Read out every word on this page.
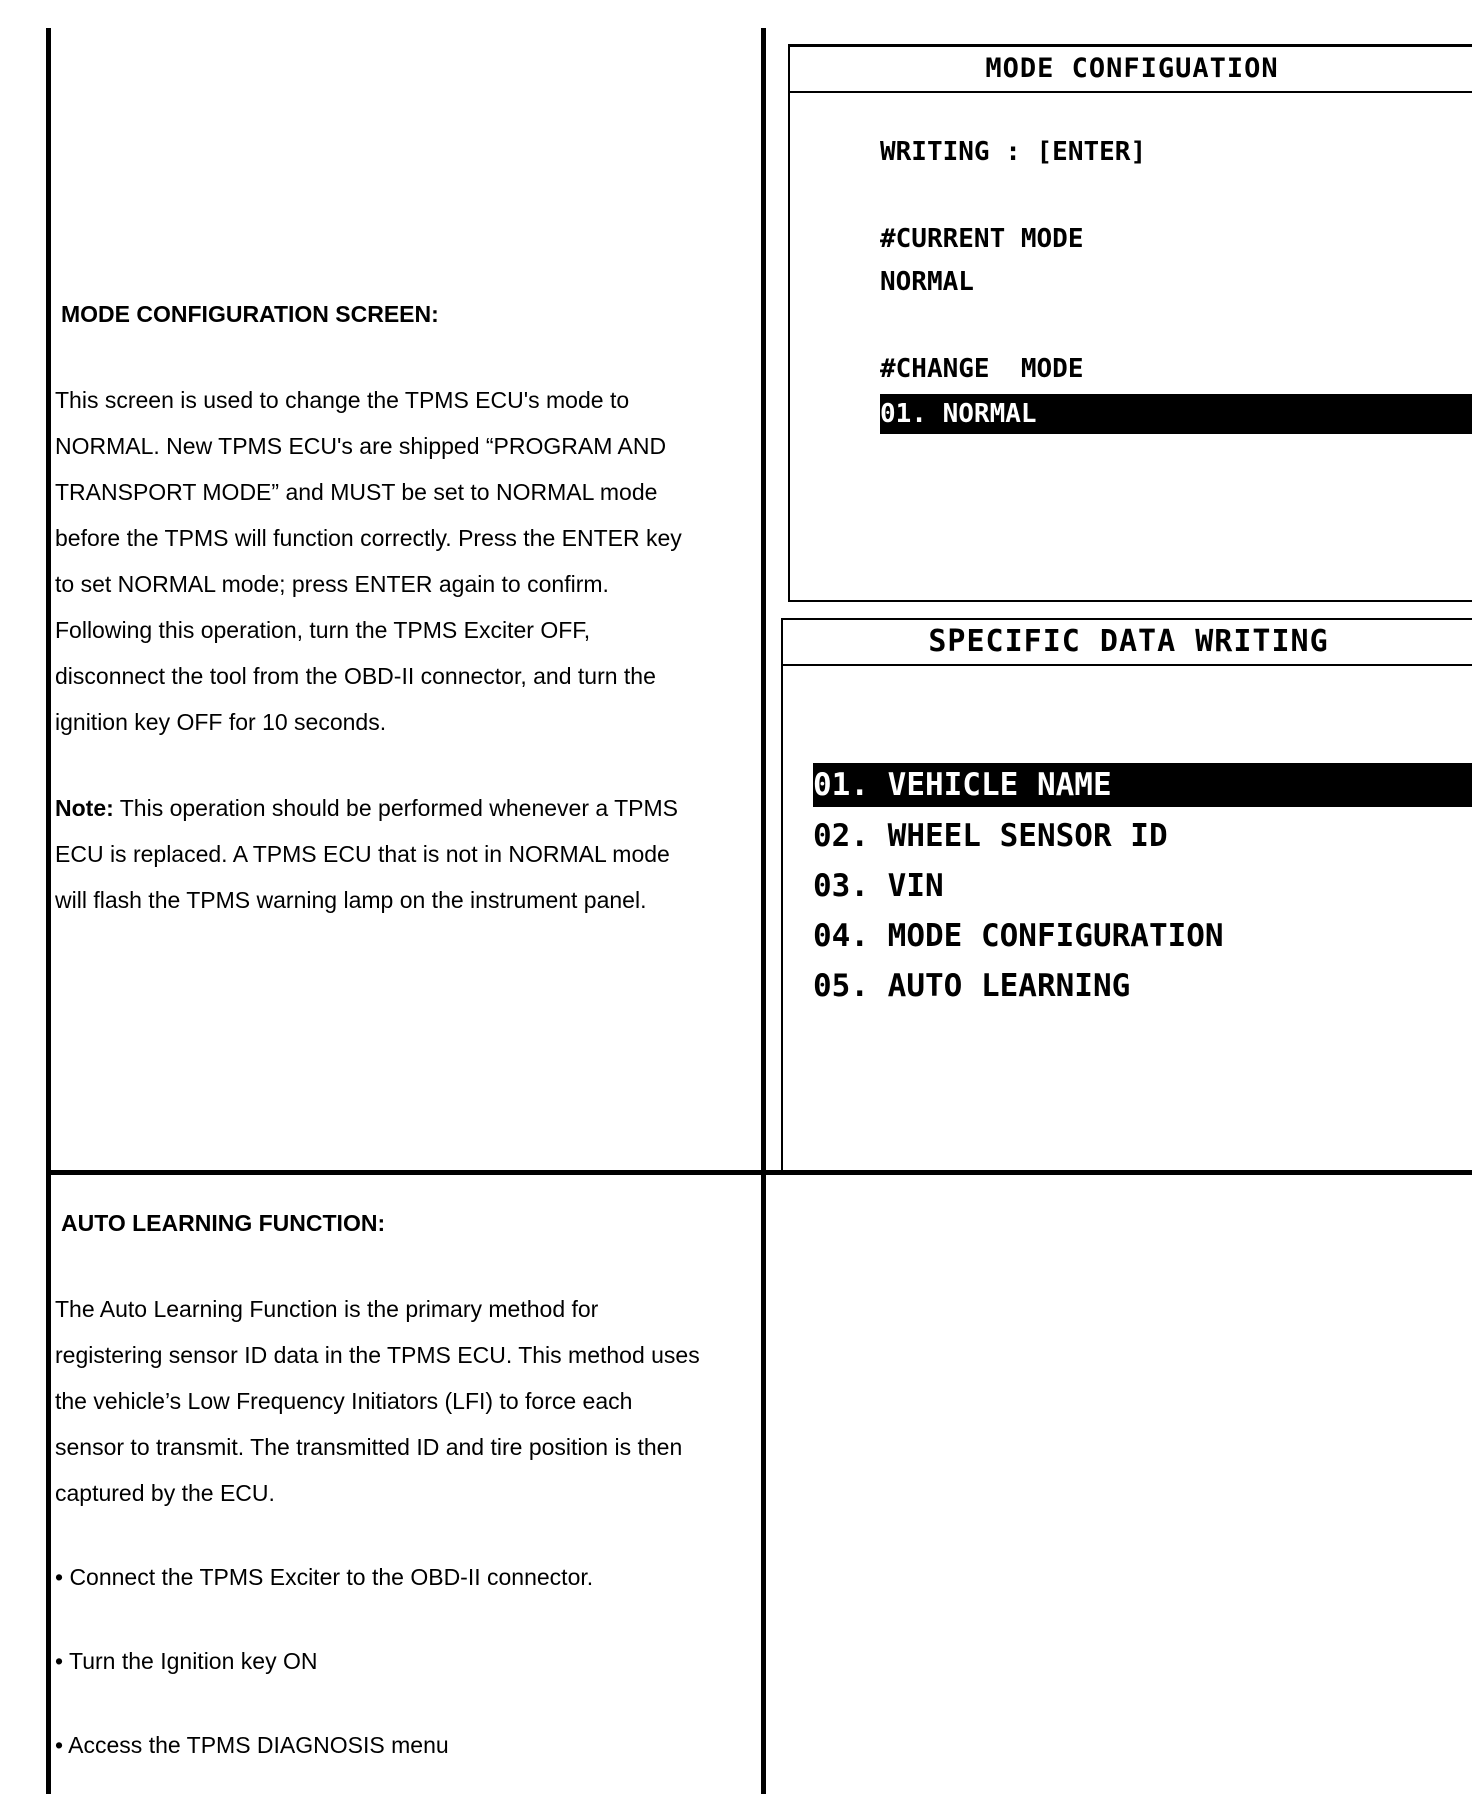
MODE CONFIGURATION SCREEN:

This screen is used to change the TPMS ECU's mode to

NORMAL. New TPMS ECU's are shipped “PROGRAM AND

TRANSPORT MODE” and MUST be set to NORMAL mode

before the TPMS will function correctly. Press the ENTER key

to set NORMAL mode; press ENTER again to confirm.

Following this operation, turn the TPMS Exciter OFF,

disconnect the tool from the OBD-II connector, and turn the

ignition key OFF for 10 seconds.

Note: This operation should be performed whenever a TPMS

ECU is replaced. A TPMS ECU that is not in NORMAL mode

will flash the TPMS warning lamp on the instrument panel.

AUTO LEARNING FUNCTION:

The Auto Learning Function is the primary method for

registering sensor ID data in the TPMS ECU. This method uses

the vehicle’s Low Frequency Initiators (LFI) to force each

sensor to transmit. The transmitted ID and tire position is then

captured by the ECU.

• Connect the TPMS Exciter to the OBD-II connector.

• Turn the Ignition key ON

• Access the TPMS DIAGNOSIS menu

MODE CONFIGUATION
WRITING : [ENTER]
#CURRENT MODE
NORMAL
#CHANGE  MODE
01. NORMAL
SPECIFIC DATA WRITING
01. VEHICLE NAME
02. WHEEL SENSOR ID
03. VIN
04. MODE CONFIGURATION
05. AUTO LEARNING
